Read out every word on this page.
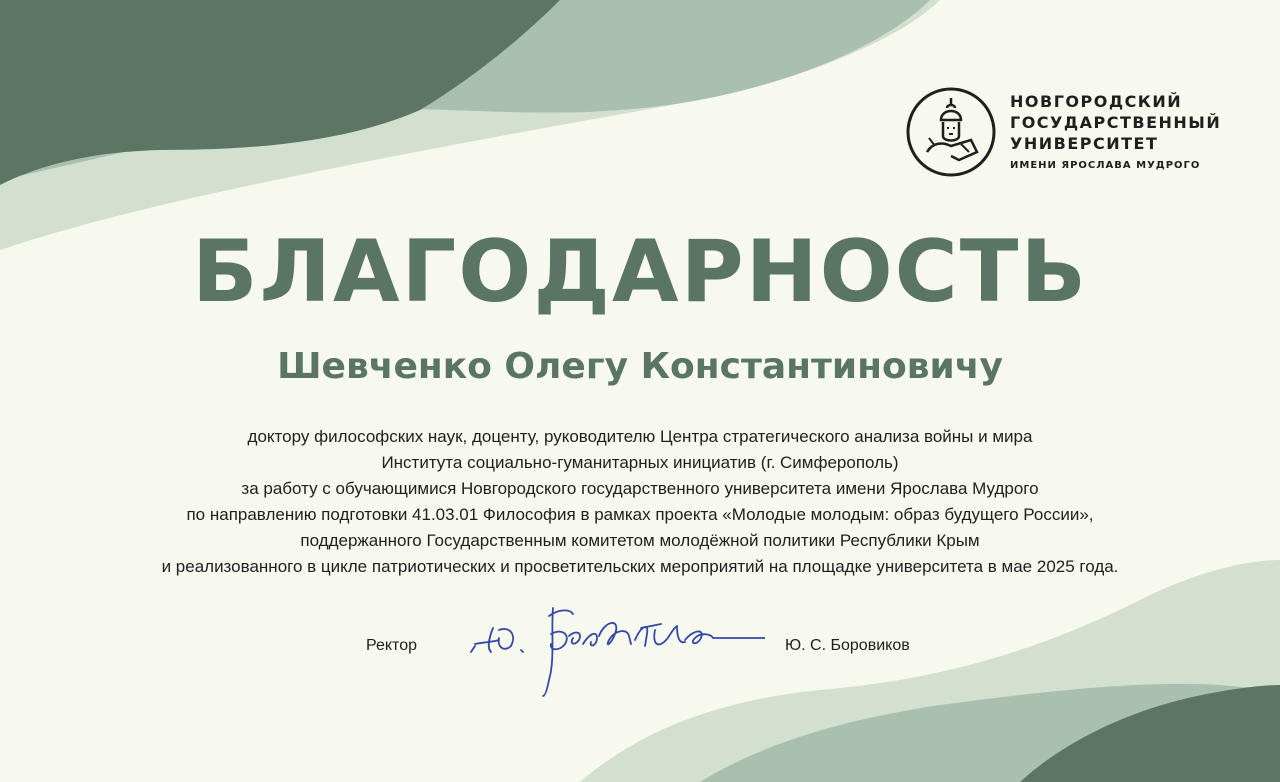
НОВГОРОДСКИЙ
ГОСУДАРСТВЕННЫЙ
УНИВЕРСИТЕТ
ИМЕНИ ЯРОСЛАВА МУДРОГО
БЛАГОДАРНОСТЬ
Шевченко Олегу Константиновичу
доктору философских наук, доценту, руководителю Центра стратегического анализа войны и мира
Института социально-гуманитарных инициатив (г. Симферополь)
за работу с обучающимися Новгородского государственного университета имени Ярослава Мудрого
по направлению подготовки 41.03.01 Философия в рамках проекта «Молодые молодым: образ будущего России»,
поддержанного Государственным комитетом молодёжной политики Республики Крым
и реализованного в цикле патриотических и просветительских мероприятий на площадке университета в мае 2025 года.
Ректор	Ю. С. Боровиков
